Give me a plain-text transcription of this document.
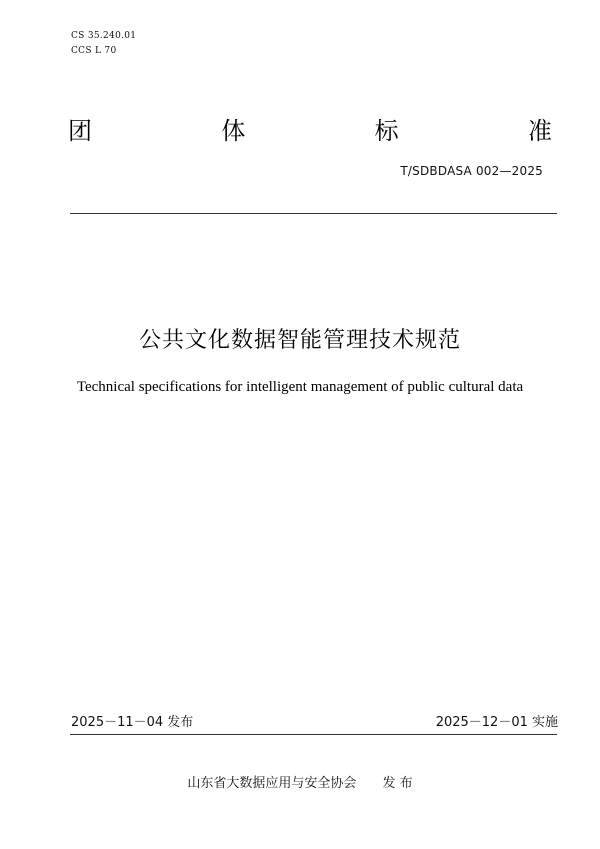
CS 35.240.01
CCS L 70
团	体	标	准
T/SDBDASA 002—2025
公共文化数据智能管理技术规范
Technical specifications for intelligent management of public cultural data
2025－11－04 发布	2025－12－01 实施
山东省大数据应用与安全协会 发 布
